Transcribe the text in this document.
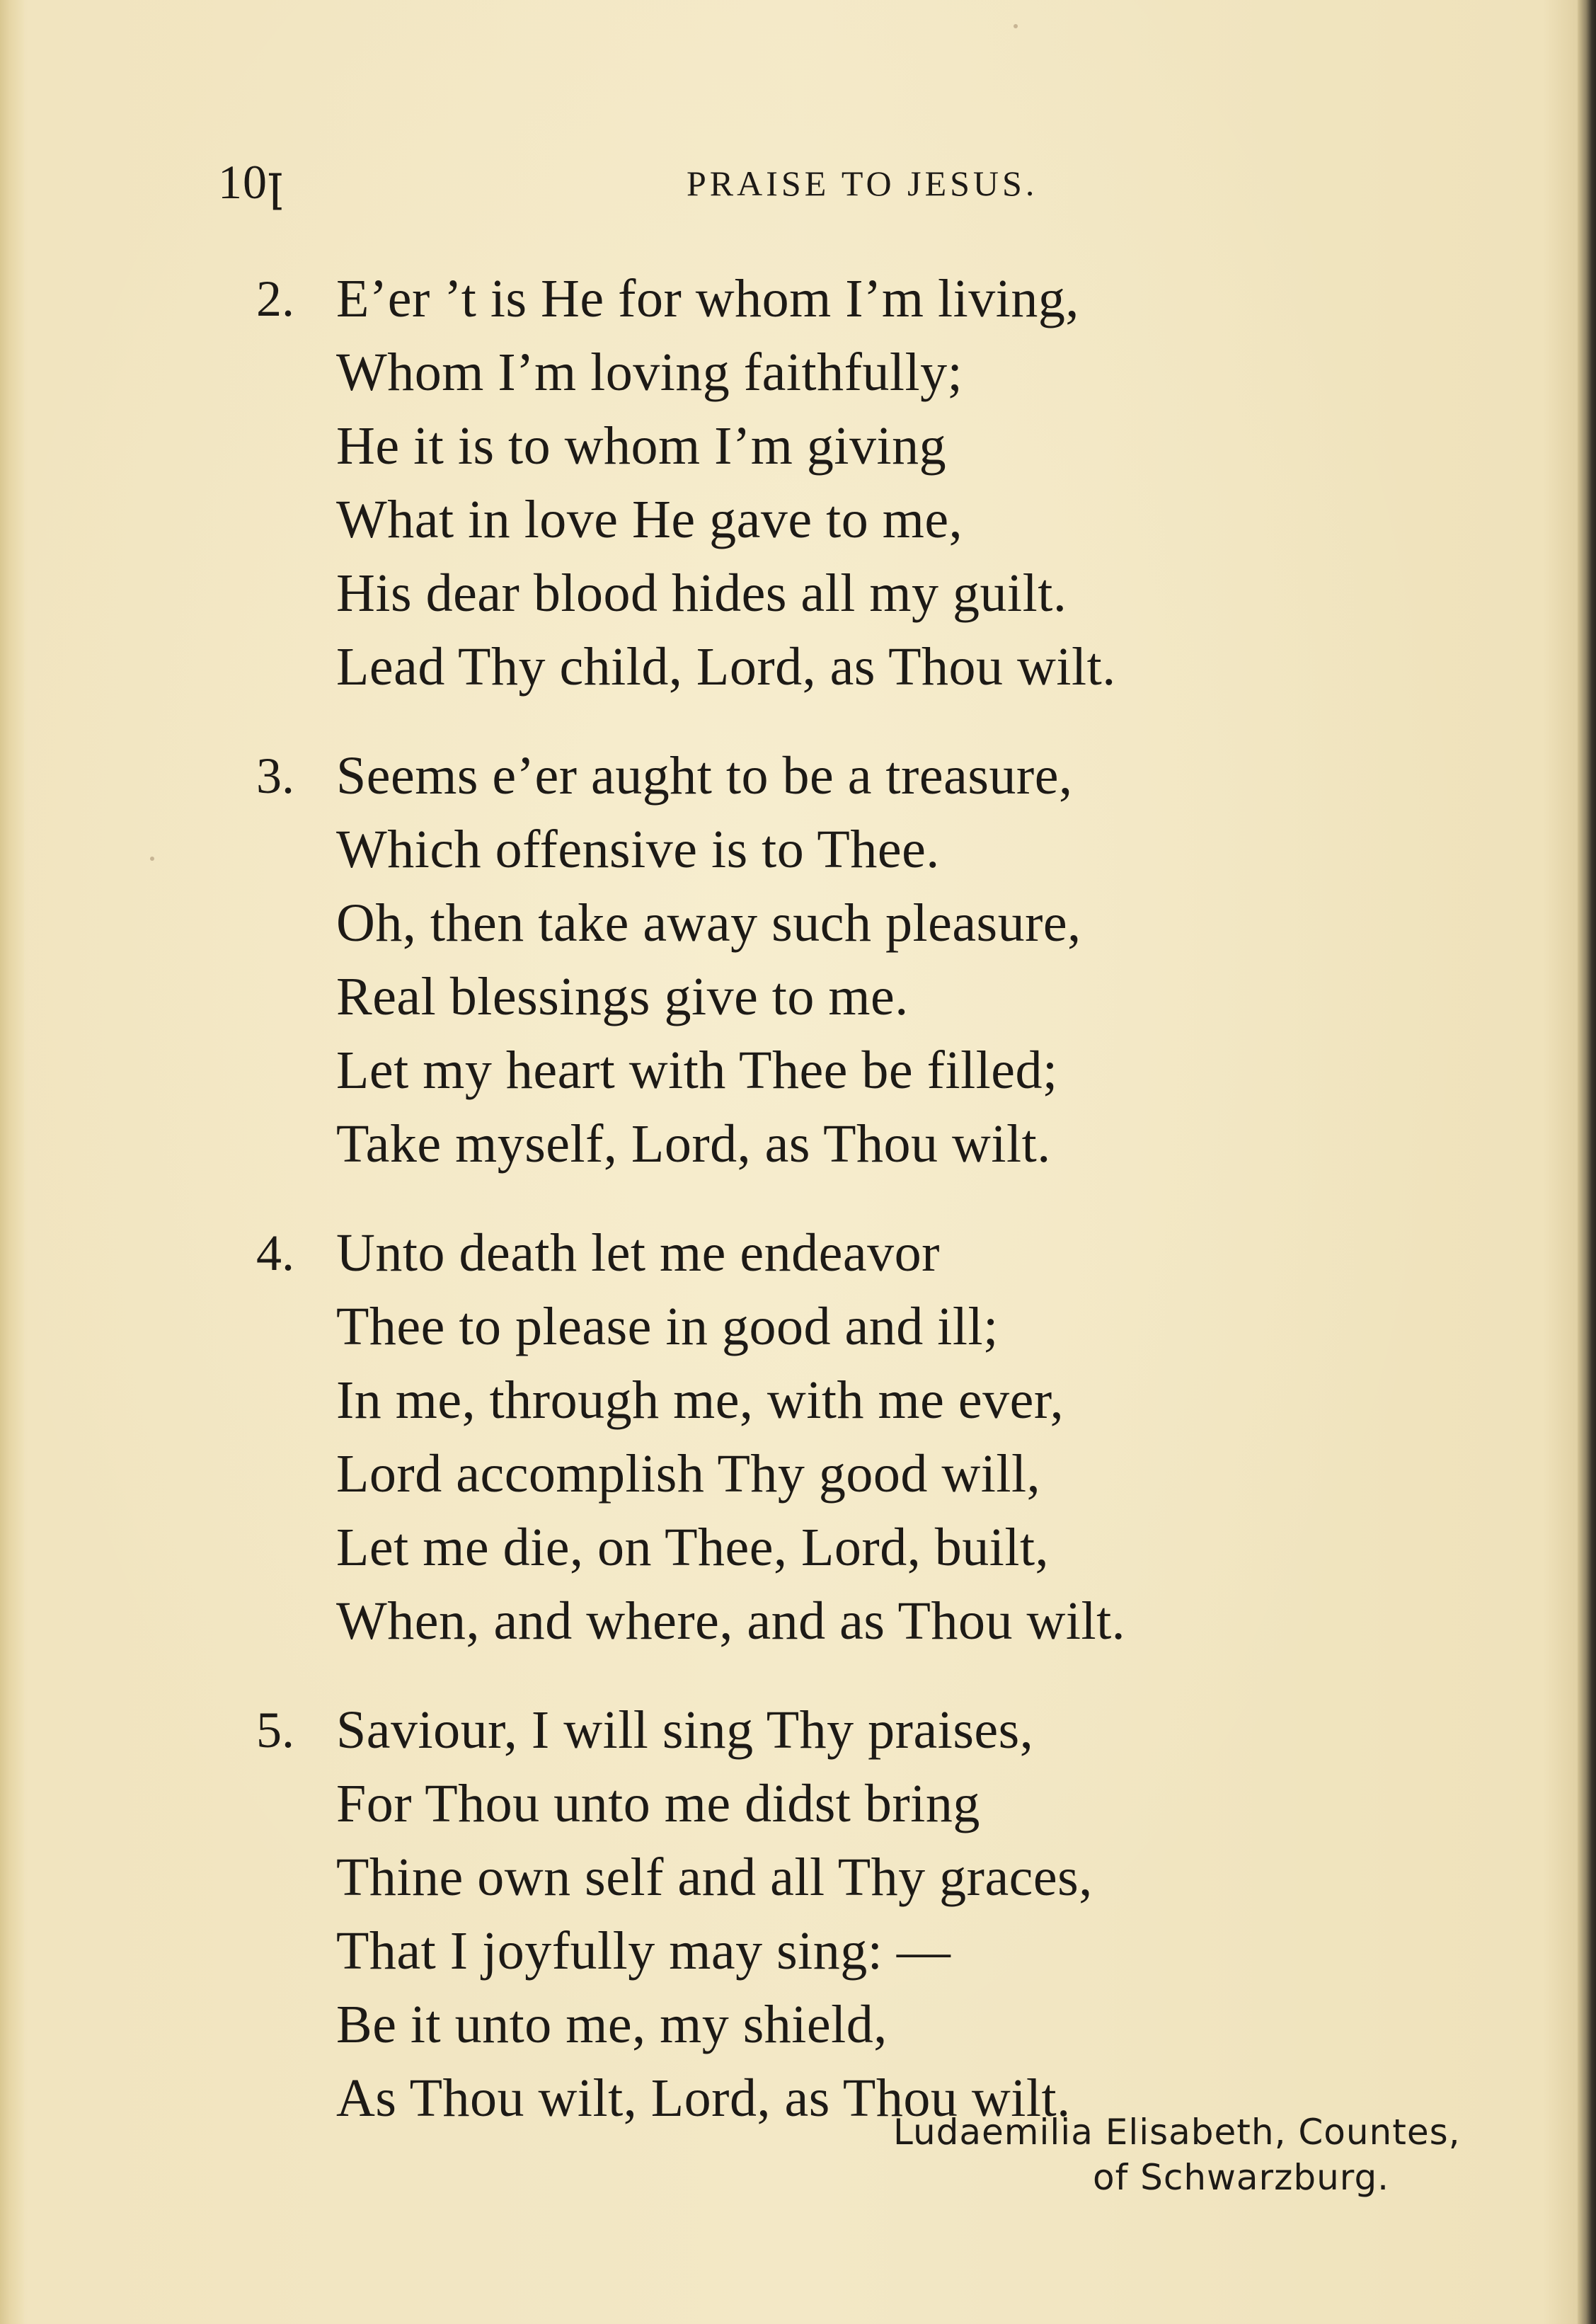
10ꞁ	PRAISE TO JESUS.
2. E’er ’t is He for whom I’m living,
Whom I’m loving faithfully;
He it is to whom I’m giving
What in love He gave to me,
His dear blood hides all my guilt.
Lead Thy child, Lord, as Thou wilt.
3. Seems e’er aught to be a treasure,
Which offensive is to Thee.
Oh, then take away such pleasure,
Real blessings give to me.
Let my heart with Thee be filled;
Take myself, Lord, as Thou wilt.
4. Unto death let me endeavor
Thee to please in good and ill;
In me, through me, with me ever,
Lord accomplish Thy good will,
Let me die, on Thee, Lord, built,
When, and where, and as Thou wilt.
5. Saviour, I will sing Thy praises,
For Thou unto me didst bring
Thine own self and all Thy graces,
That I joyfully may sing: —
Be it unto me, my shield,
As Thou wilt, Lord, as Thou wilt.
Ludaemilia Elisabeth, Countes,
of Schwarzburg.
